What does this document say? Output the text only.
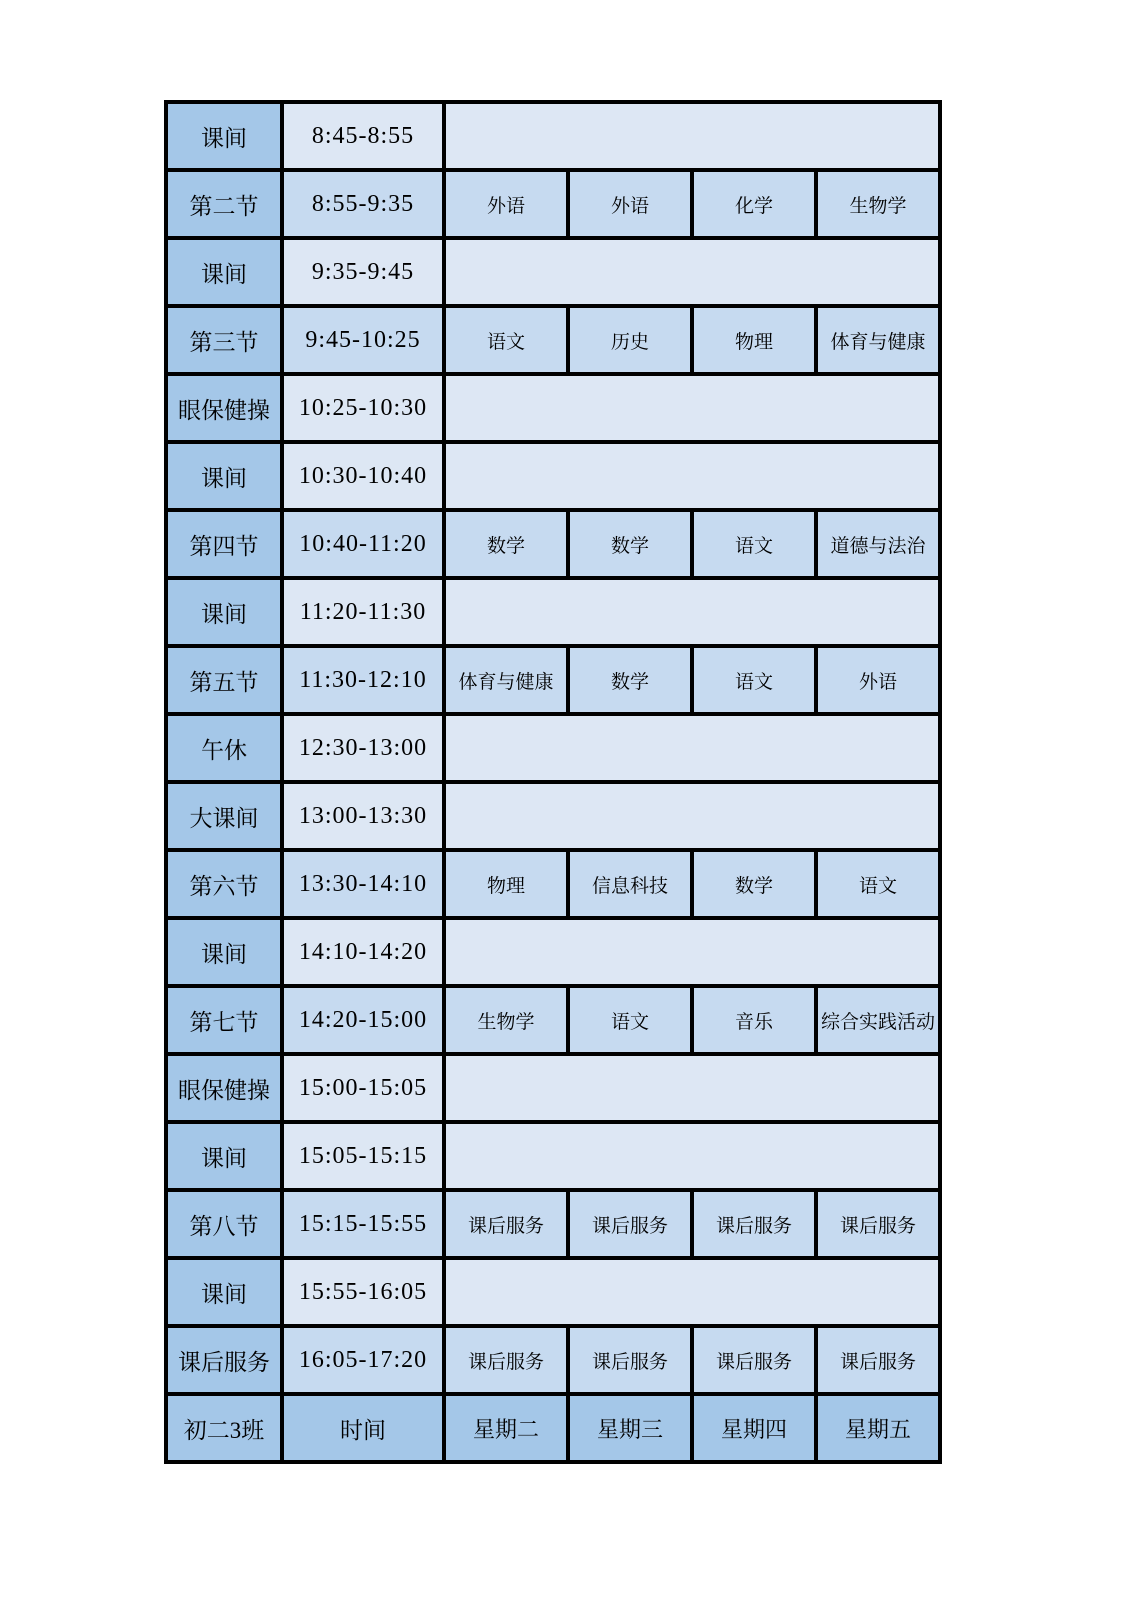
课间	8:45-8:55				
第二节	8:55-9:35	外语	外语	化学	生物学
课间	9:35-9:45				
第三节	9:45-10:25	语文	历史	物理	体育与健康
眼保健操	10:25-10:30				
课间	10:30-10:40				
第四节	10:40-11:20	数学	数学	语文	道德与法治
课间	11:20-11:30				
第五节	11:30-12:10	体育与健康	数学	语文	外语
午休	12:30-13:00				
大课间	13:00-13:30				
第六节	13:30-14:10	物理	信息科技	数学	语文
课间	14:10-14:20				
第七节	14:20-15:00	生物学	语文	音乐	综合实践活动
眼保健操	15:00-15:05				
课间	15:05-15:15				
第八节	15:15-15:55	课后服务	课后服务	课后服务	课后服务
课间	15:55-16:05				
课后服务	16:05-17:20	课后服务	课后服务	课后服务	课后服务
初二3班	时间	星期二	星期三	星期四	星期五
